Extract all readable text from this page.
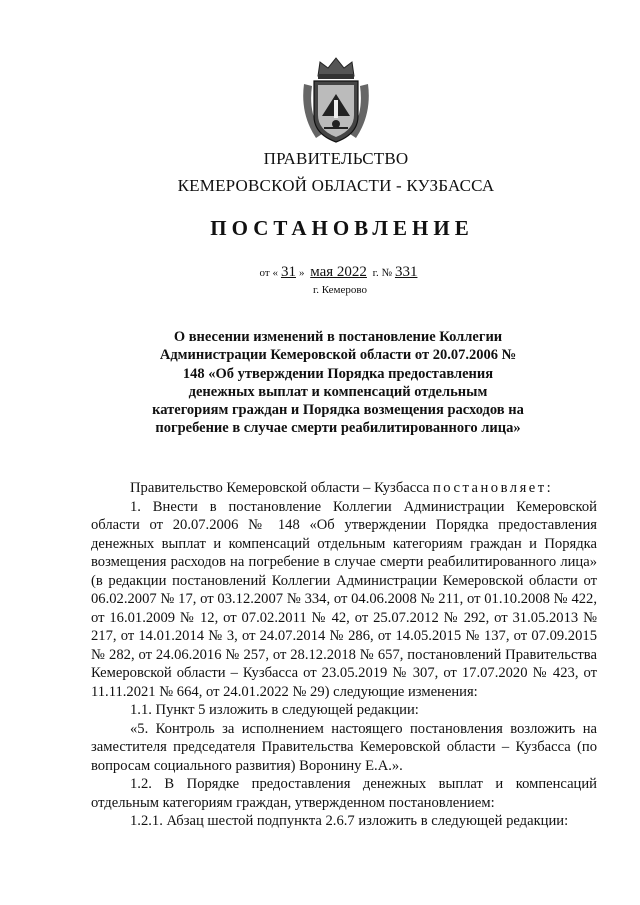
ПРАВИТЕЛЬСТВО
КЕМЕРОВСКОЙ ОБЛАСТИ - КУЗБАССА
ПОСТАНОВЛЕНИЕ
от « 31 » мая 2022 г. № 331
г. Кемерово
О внесении изменений в постановление Коллегии Администрации Кемеровской области от 20.07.2006 № 148 «Об утверждении Порядка предоставления денежных выплат и компенсаций отдельным категориям граждан и Порядка возмещения расходов на погребение в случае смерти реабилитированного лица»

Правительство Кемеровской области – Кузбасса постановляет:

1. Внести в постановление Коллегии Администрации Кемеровской области от 20.07.2006 № 148 «Об утверждении Порядка предоставления денежных выплат и компенсаций отдельным категориям граждан и Порядка возмещения расходов на погребение в случае смерти реабилитированного лица» (в редакции постановлений Коллегии Администрации Кемеровской области от 06.02.2007 № 17, от 03.12.2007 № 334, от 04.06.2008 № 211, от 01.10.2008 № 422, от 16.01.2009 № 12, от 07.02.2011 № 42, от 25.07.2012 № 292, от 31.05.2013 № 217, от 14.01.2014 № 3, от 24.07.2014 № 286, от 14.05.2015 № 137, от 07.09.2015 № 282, от 24.06.2016 № 257, от 28.12.2018 № 657, постановлений Правительства Кемеровской области – Кузбасса от 23.05.2019 № 307, от 17.07.2020 № 423, от 11.11.2021 № 664, от 24.01.2022 № 29) следующие изменения:

1.1. Пункт 5 изложить в следующей редакции:

«5. Контроль за исполнением настоящего постановления возложить на заместителя председателя Правительства Кемеровской области – Кузбасса (по вопросам социального развития) Воронину Е.А.».

1.2. В Порядке предоставления денежных выплат и компенсаций отдельным категориям граждан, утвержденном постановлением:

1.2.1. Абзац шестой подпункта 2.6.7 изложить в следующей редакции:
